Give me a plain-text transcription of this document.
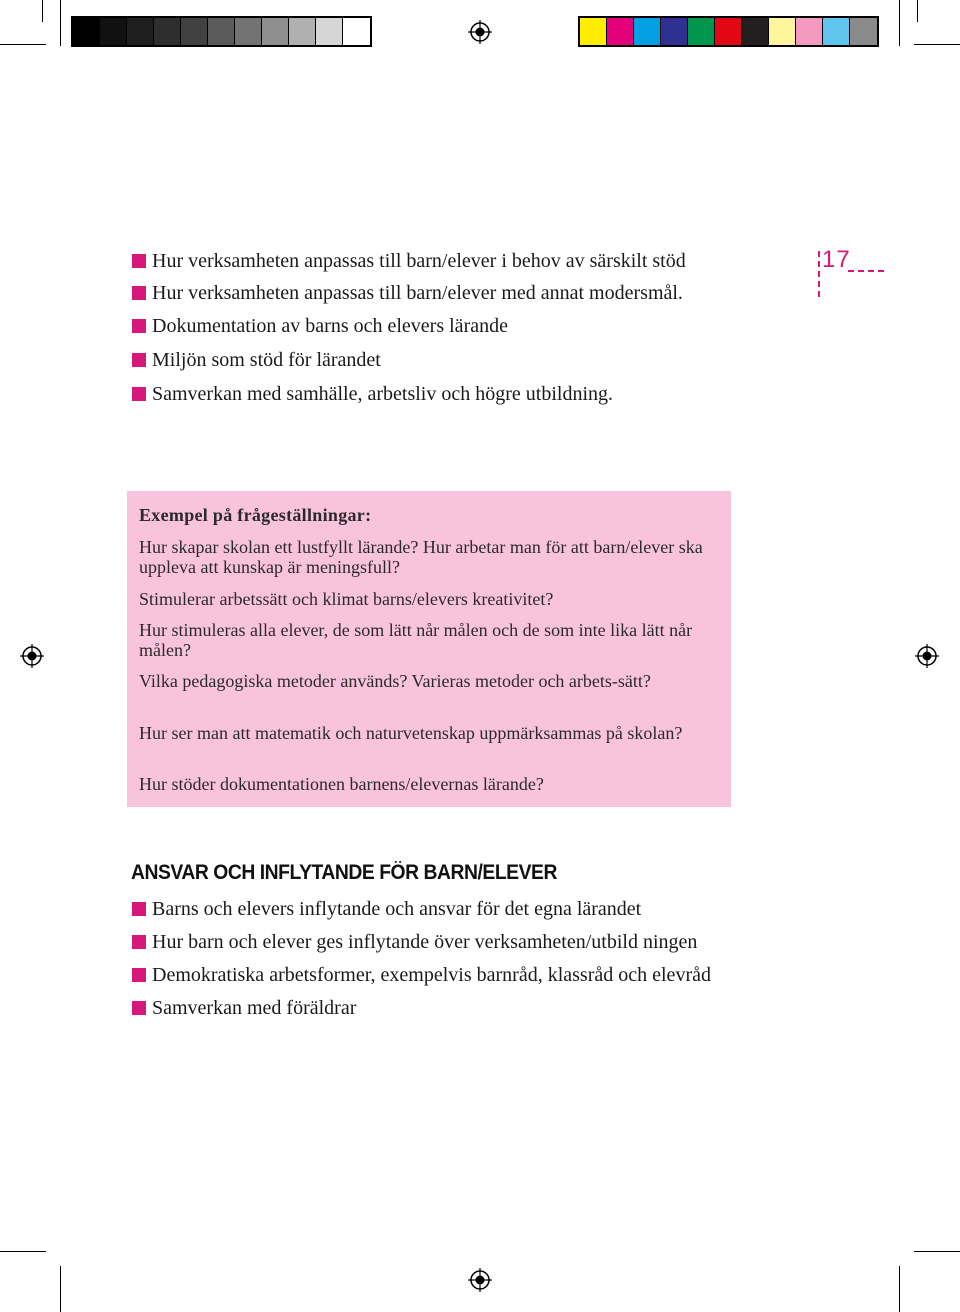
17
Hur verksamheten anpassas till barn/elever i behov av särskilt stöd
Hur verksamheten anpassas till barn/elever med annat modersmål.
Dokumentation av barns och elevers lärande
Miljön som stöd för lärandet
Samverkan med samhälle, arbetsliv och högre utbildning.
Exempel på frågeställningar:
Hur skapar skolan ett lustfyllt lärande? Hur arbetar man för att barn/elever ska uppleva att kunskap är meningsfull?
Stimulerar arbetssätt och klimat barns/elevers kreativitet?
Hur stimuleras alla elever, de som lätt når målen och de som inte lika lätt når målen?
Vilka pedagogiska metoder används? Varieras metoder och arbets-sätt?
Hur ser man att matematik och naturvetenskap uppmärksammas på skolan?
Hur stöder dokumentationen barnens/elevernas lärande?
ANSVAR OCH INFLYTANDE FÖR BARN/ELEVER
Barns och elevers inflytande och ansvar för det egna lärandet
Hur barn och elever ges inflytande över verksamheten/utbild ningen
Demokratiska arbetsformer, exempelvis barnråd, klassråd och elevråd
Samverkan med föräldrar
